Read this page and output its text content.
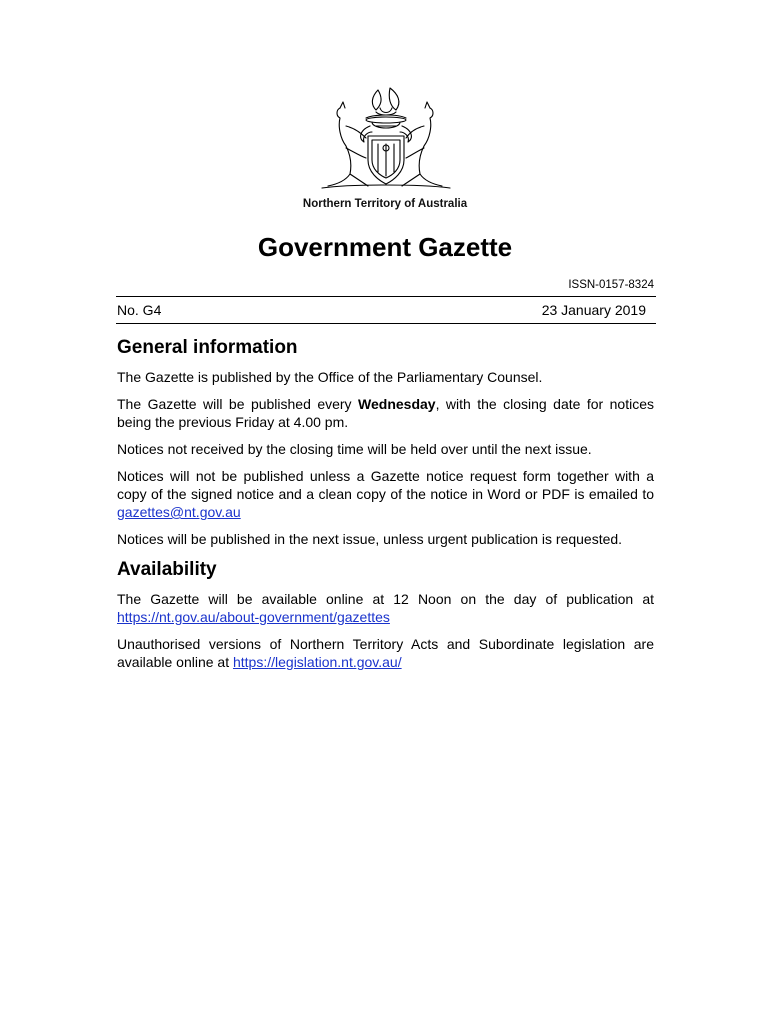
Northern Territory of Australia
Government Gazette
ISSN-0157-8324
No. G4	23 January 2019
General information

The Gazette is published by the Office of the Parliamentary Counsel.

The Gazette will be published every Wednesday, with the closing date for notices being the previous Friday at 4.00 pm.

Notices not received by the closing time will be held over until the next issue.

Notices will not be published unless a Gazette notice request form together with a copy of the signed notice and a clean copy of the notice in Word or PDF is emailed to gazettes@nt.gov.au

Notices will be published in the next issue, unless urgent publication is requested.

Availability

The Gazette will be available online at 12 Noon on the day of publication at https://nt.gov.au/about-government/gazettes

Unauthorised versions of Northern Territory Acts and Subordinate legislation are available online at https://legislation.nt.gov.au/
